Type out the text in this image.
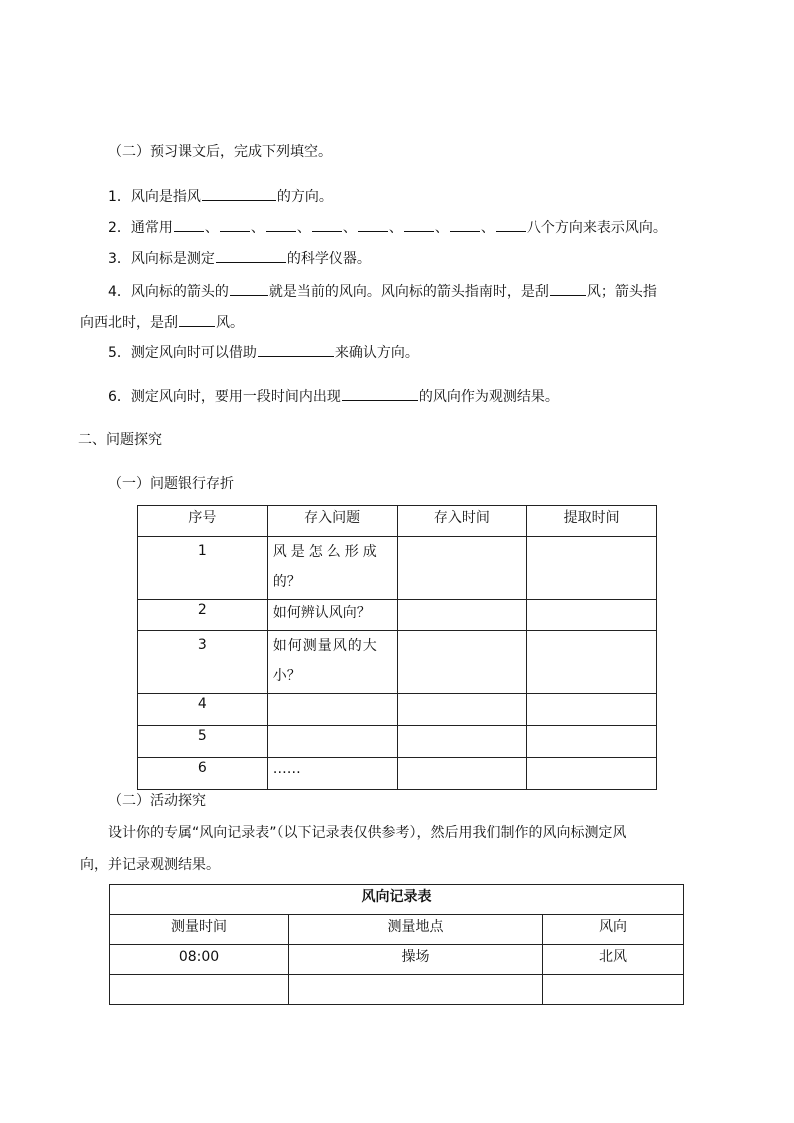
（二）预习课文后，完成下列填空。
1．风向是指风	的方向。
2．通常用 、 、 、 、 、 、 、 八个方向来表示风向。
3．风向标是测定	的科学仪器。
4．风向标的箭头的	就是当前的风向。风向标的箭头指南时，是刮	风；箭头指
向西北时，是刮	风。
5．测定风向时可以借助	来确认方向。
6．测定风向时，要用一段时间内出现	的风向作为观测结果。
二、问题探究
（一）问题银行存折
序号	存入问题	存入时间	提取时间
1	风是怎么形成
的？		

2	如何辨认风向？		

3	如何测量风的大
小？		

4			
5			
6	……		

（二）活动探究
设计你的专属“风向记录表”（以下记录表仅供参考），然后用我们制作的风向标测定风
向，并记录观测结果。
风向记录表		
测量时间	测量地点	风向
08:00	操场	北风
